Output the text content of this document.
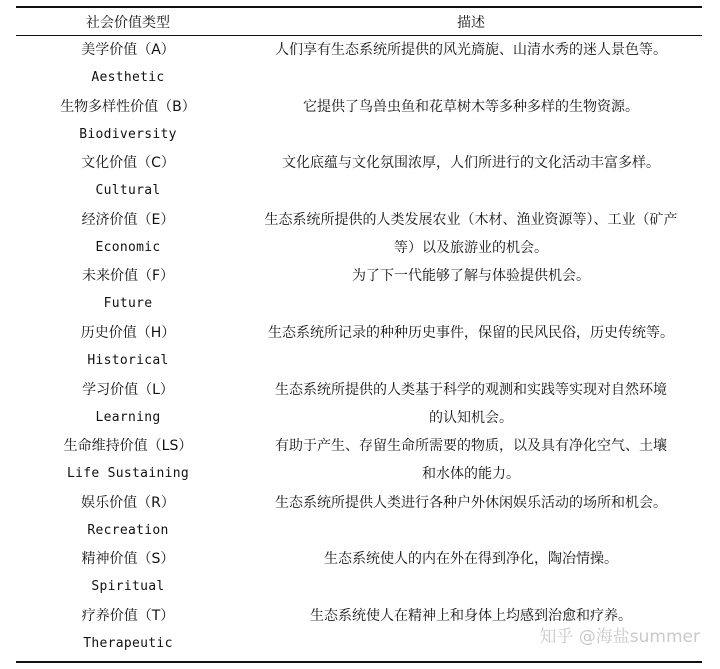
社会价值类型	描述
美学价值（A）
Aesthetic
人们享有生态系统所提供的风光旖旎、山清水秀的迷人景色等。
生物多样性价值（B）
Biodiversity
它提供了鸟兽虫鱼和花草树木等多种多样的生物资源。
文化价值（C）
Cultural
文化底蕴与文化氛围浓厚，人们所进行的文化活动丰富多样。
经济价值（E）
Economic
生态系统所提供的人类发展农业（木材、渔业资源等）、工业（矿产
等）以及旅游业的机会。
未来价值（F）
Future
为了下一代能够了解与体验提供机会。
历史价值（H）
Historical
生态系统所记录的种种历史事件，保留的民风民俗，历史传统等。
学习价值（L）
Learning
生态系统所提供的人类基于科学的观测和实践等实现对自然环境
的认知机会。
生命维持价值（LS）
Life Sustaining
有助于产生、存留生命所需要的物质，以及具有净化空气、土壤
和水体的能力。
娱乐价值（R）
Recreation
生态系统所提供人类进行各种户外休闲娱乐活动的场所和机会。
精神价值（S）
Spiritual
生态系统使人的内在外在得到净化，陶冶情操。
疗养价值（T）
Therapeutic
生态系统使人在精神上和身体上均感到治愈和疗养。
知乎 @海盐summer
